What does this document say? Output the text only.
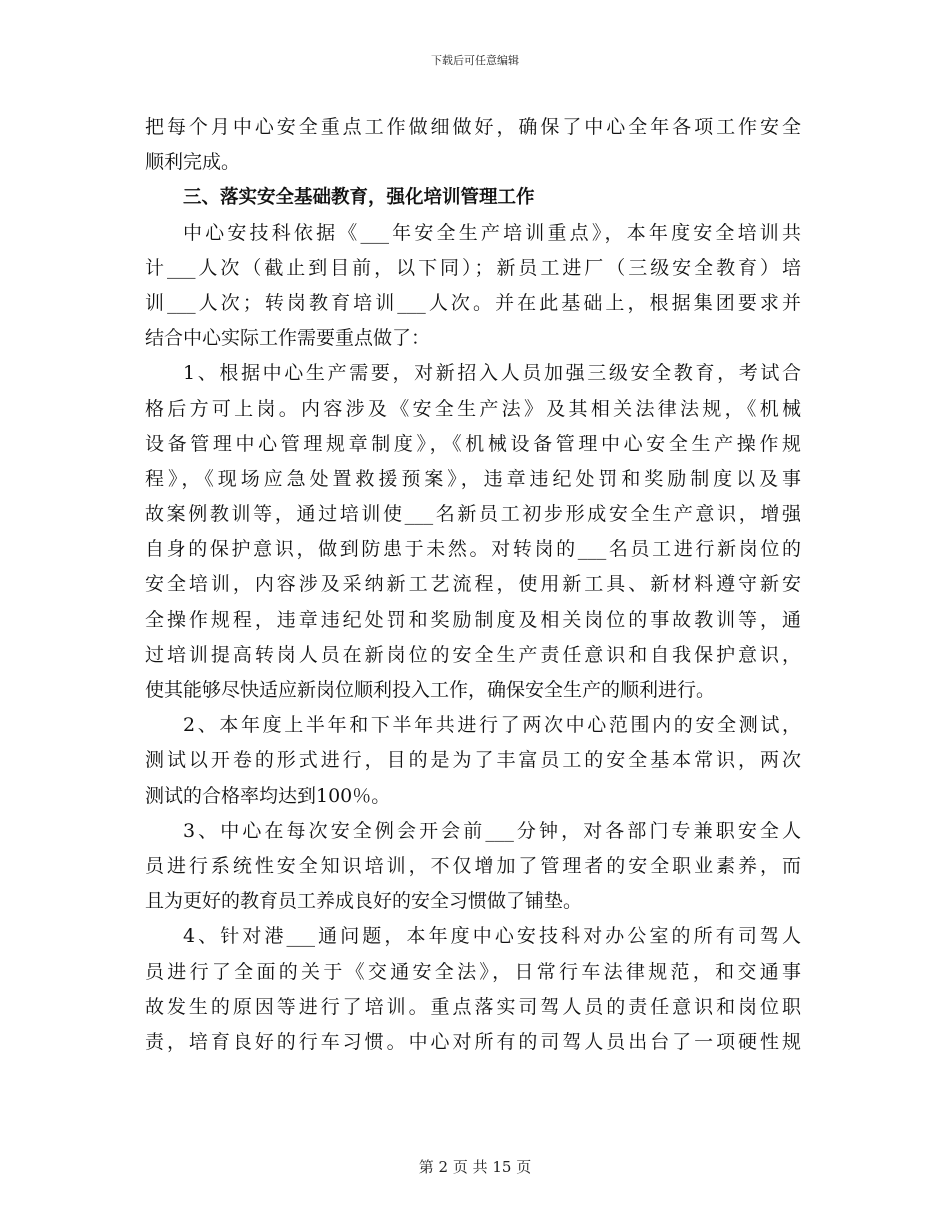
下载后可任意编辑
把每个月中心安全重点工作做细做好，确保了中心全年各项工作安全
顺利完成。
三、落实安全基础教育，强化培训管理工作
中心安技科依据《___年安全生产培训重点》，本年度安全培训共
计___人次（截止到目前，以下同）；新员工进厂（三级安全教育）培
训___人次；转岗教育培训___人次。并在此基础上，根据集团要求并
结合中心实际工作需要重点做了：
1、根据中心生产需要，对新招入人员加强三级安全教育，考试合
格后方可上岗。内容涉及《安全生产法》及其相关法律法规，《机械
设备管理中心管理规章制度》，《机械设备管理中心安全生产操作规
程》，《现场应急处置救援预案》，违章违纪处罚和奖励制度以及事
故案例教训等，通过培训使___名新员工初步形成安全生产意识，增强
自身的保护意识，做到防患于未然。对转岗的___名员工进行新岗位的
安全培训，内容涉及采纳新工艺流程，使用新工具、新材料遵守新安
全操作规程，违章违纪处罚和奖励制度及相关岗位的事故教训等，通
过培训提高转岗人员在新岗位的安全生产责任意识和自我保护意识，
使其能够尽快适应新岗位顺利投入工作，确保安全生产的顺利进行。
2、本年度上半年和下半年共进行了两次中心范围内的安全测试，
测试以开卷的形式进行，目的是为了丰富员工的安全基本常识，两次
测试的合格率均达到100％。
3、中心在每次安全例会开会前___分钟，对各部门专兼职安全人
员进行系统性安全知识培训，不仅增加了管理者的安全职业素养，而
且为更好的教育员工养成良好的安全习惯做了铺垫。
4、针对港___通问题，本年度中心安技科对办公室的所有司驾人
员进行了全面的关于《交通安全法》，日常行车法律规范，和交通事
故发生的原因等进行了培训。重点落实司驾人员的责任意识和岗位职
责，培育良好的行车习惯。中心对所有的司驾人员出台了一项硬性规
第 2 页 共 15 页
